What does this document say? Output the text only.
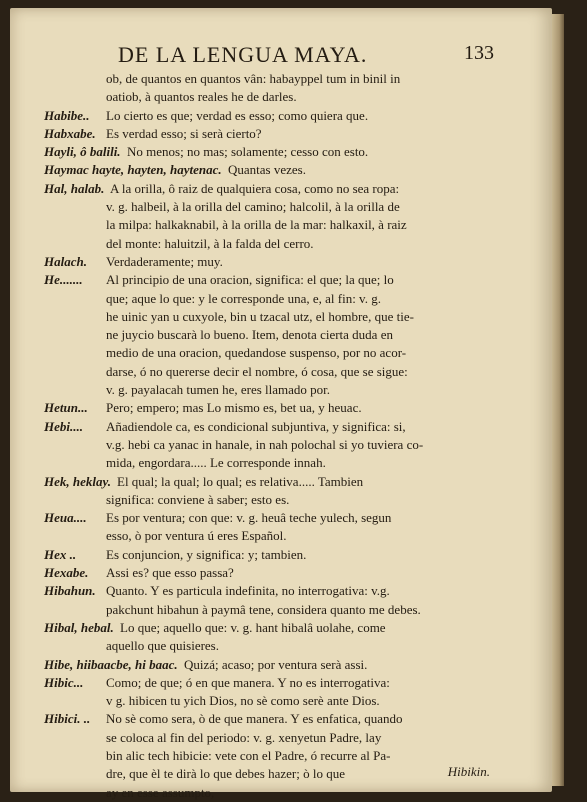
DE LA LENGUA MAYA.	133
ob, de quantos en quantos vân: habayppel tum in binil in
oatiob, à quantos reales he de darles.
Habibe.. Lo cierto es que; verdad es esso; como quiera que.
Habxabe. Es verdad esso; si serà cierto?
Hayli, ô balili. No menos; no mas; solamente; cesso con esto.
Haymac hayte, hayten, haytenac. Quantas vezes.
Hal, halab. A la orilla, ô raiz de qualquiera cosa, como no sea ropa:
v. g. halbeil, à la orilla del camino; halcolil, à la orilla de
la milpa: halkaknabil, à la orilla de la mar: halkaxil, à raiz
del monte: haluitzil, à la falda del cerro.
Halach. Verdaderamente; muy.
He....... Al principio de una oracion, significa: el que; la que; lo
que; aque lo que: y le corresponde una, e, al fin: v. g.
he uinic yan u cuxyole, bin u tzacal utz, el hombre, que tie-
ne juycio buscarà lo bueno. Item, denota cierta duda en
medio de una oracion, quedandose suspenso, por no acor-
darse, ó no quererse decir el nombre, ó cosa, que se sigue:
v. g. payalacah tumen he, eres llamado por.
Hetun... Pero; empero; mas Lo mismo es, bet ua, y heuac.
Hebi.... Añadiendole ca, es condicional subjuntiva, y significa: si,
v.g. hebi ca yanac in hanale, in nah polochal si yo tuviera co-
mida, engordara..... Le corresponde innah.
Hek, heklay. El qual; la qual; lo qual; es relativa..... Tambien
significa: conviene à saber; esto es.
Heua.... Es por ventura; con que: v. g. heuâ teche yulech, segun
esso, ò por ventura ú eres Español.
Hex .. Es conjuncion, y significa: y; tambien.
Hexabe. Assi es? que esso passa?
Hibahun. Quanto. Y es particula indefinita, no interrogativa: v.g.
pakchunt hibahun à paymâ tene, considera quanto me debes.
Hibal, hebal. Lo que; aquello que: v. g. hant hibalâ uolahe, come
aquello que quisieres.
Hibe, hiibaacbe, hi baac. Quizá; acaso; por ventura serà assi.
Hibic... Como; de que; ó en que manera. Y no es interrogativa:
v g. hibicen tu yich Dios, no sè como serè ante Dios.
Hibici. .. No sè como sera, ò de que manera. Y es enfatica, quando
se coloca al fin del periodo: v. g. xenyetun Padre, lay
bin alic tech hibicie: vete con el Padre, ó recurre al Pa-
dre, que èl te dirà lo que debes hazer; ò lo que
ay en esse assumpto,
Hibikin.
